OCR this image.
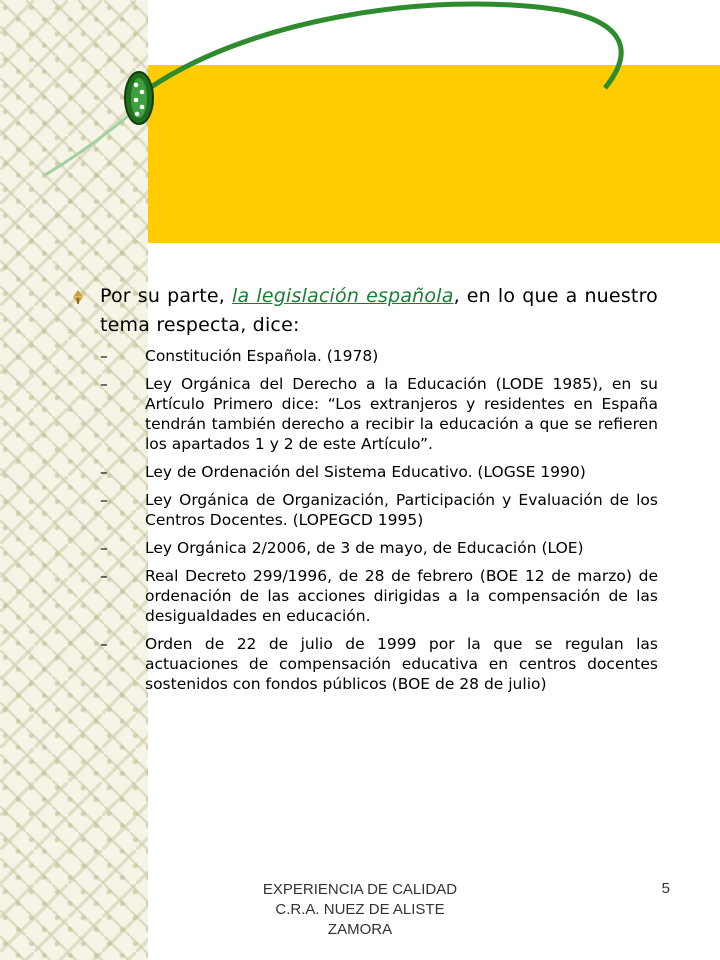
Por su parte, la legislación española, en lo que a nuestro tema respecta, dice:
– Constitución Española. (1978)
– Ley Orgánica del Derecho a la Educación (LODE 1985), en su Artículo Primero dice: “Los extranjeros y residentes en España tendrán también derecho a recibir la educación a que se refieren los apartados 1 y 2 de este Artículo”.
– Ley de Ordenación del Sistema Educativo. (LOGSE 1990)
– Ley Orgánica de Organización, Participación y Evaluación de los Centros Docentes. (LOPEGCD 1995)
– Ley Orgánica 2/2006, de 3 de mayo, de Educación (LOE)
– Real Decreto 299/1996, de 28 de febrero (BOE 12 de marzo) de ordenación de las acciones dirigidas a la compensación de las desigualdades en educación.
– Orden de 22 de julio de 1999 por la que se regulan las actuaciones de compensación educativa en centros docentes sostenidos con fondos públicos (BOE de 28 de julio)
EXPERIENCIA DE CALIDAD
C.R.A. NUEZ DE ALISTE
ZAMORA
5
